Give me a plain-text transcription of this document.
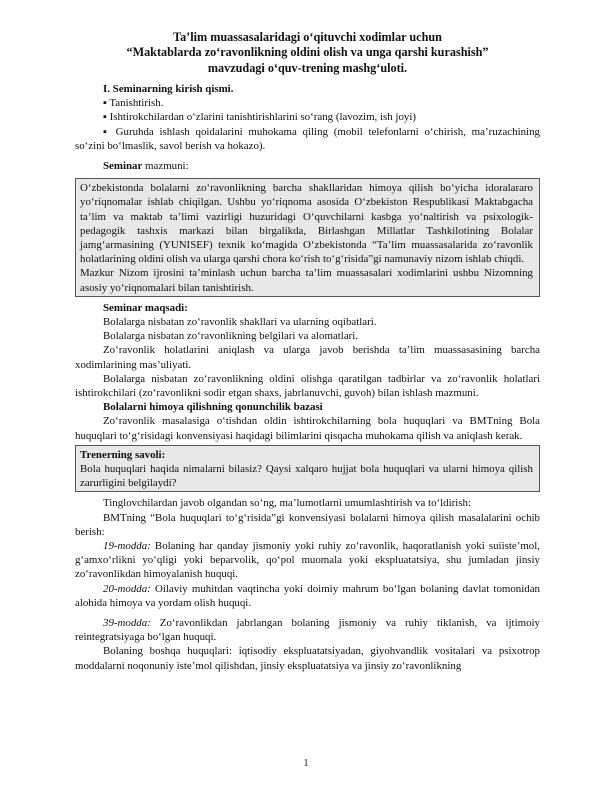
Ta’lim muassasalaridagi o‘qituvchi xodimlar uchun
“Maktablarda zo‘ravonlikning oldini olish va unga qarshi kurashish”
mavzudagi o‘quv-trening mashg‘uloti.

I. Seminarning kirish qismi.

▪ Tanishtirish.

▪ Ishtirokchilardan o‘zlarini tanishtirishlarini so‘rang (lavozim, ish joyi)

▪ Guruhda ishlash qoidalarini muhokama qiling (mobil telefonlarni o‘chirish, ma’ruzachining so‘zini bo‘lmaslik, savol berish va hokazo).

Seminar mazmuni:

O‘zbekistonda bolalarni zo‘ravonlikning barcha shakllaridan himoya qilish bo‘yicha idoralararo yo‘riqnomalar ishlab chiqilgan. Ushbu yo‘riqnoma asosida O‘zbekiston Respublikasi Maktabgacha ta’lim va maktab ta’limi vazirligi huzuridagi O‘quvchilarni kasbga yo‘naltirish va psixologik-pedagogik tashxis markazi bilan birgalikda, Birlashgan Millatlar Tashkilotining Bolalar jamg‘armasining (YUNISEF) texnik ko‘magida O‘zbekistonda “Ta’lim muassasalarida zo‘ravonlik holatlarining oldini olish va ularga qarshi chora ko‘rish to‘g‘risida”gi namunaviy nizom ishlab chiqdi.

Mazkur Nizom ijrosini ta’minlash uchun barcha ta’lim muassasalari xodimlarini ushbu Nizomning asosiy yo‘riqnomalari bilan tanishtirish.

Seminar maqsadi:

Bolalarga nisbatan zo‘ravonlik shakllari va ularning oqibatlari.

Bolalarga nisbatan zo‘ravonlikning belgilari va alomatlari.

Zo‘ravonlik holatlarini aniqlash va ularga javob berishda ta’lim muassasasining barcha xodimlarining mas’uliyati.

Bolalarga nisbatan zo‘ravonlikning oldini olishga qaratilgan tadbirlar va zo‘ravonlik holatlari ishtirokchilari (zo‘ravonlikni sodir etgan shaxs, jabrlanuvchi, guvoh) bilan ishlash mazmuni.

Bolalarni himoya qilishning qonunchilik bazasi

Zo‘ravonlik masalasiga o‘tishdan oldin ishtirokchilarning bola huquqlari va BMTning Bola huquqlari to‘g‘risidagi konvensiyasi haqidagi bilimlarini qisqacha muhokama qilish va aniqlash kerak.

Trenerning savoli:

Bola huquqlari haqida nimalarni bilasiz? Qaysi xalqaro hujjat bola huquqlari va ularni himoya qilish zarurligini belgilaydi?

Tinglovchilardan javob olgandan so‘ng, ma’lumotlarni umumlashtirish va to‘ldirish:

BMTning “Bola huquqlari to‘g‘risida”gi konvensiyasi bolalarni himoya qilish masalalarini ochib berish:

19-modda: Bolaning har qanday jismoniy yoki ruhiy zo‘ravonlik, haqoratlanish yoki suiiste’mol, g‘amxo‘rlikni yo‘qligi yoki beparvolik, qo‘pol muomala yoki ekspluatatsiya, shu jumladan jinsiy zo‘ravonlikdan himoyalanish huquqi.

20-modda: Oilaviy muhitdan vaqtincha yoki doimiy mahrum bo‘lgan bolaning davlat tomonidan alohida himoya va yordam olish huquqi.

39-modda: Zo‘ravonlikdan jabrlangan bolaning jismoniy va ruhiy tiklanish, va ijtimoiy reintegratsiyaga bo‘lgan huquqi.

Bolaning boshqa huquqlari: iqtisodiy ekspluatatsiyadan, giyohvandlik vositalari va psixotrop moddalarni noqonuniy iste’mol qilishdan, jinsiy ekspluatatsiya va jinsiy zo‘ravonlikning

1
